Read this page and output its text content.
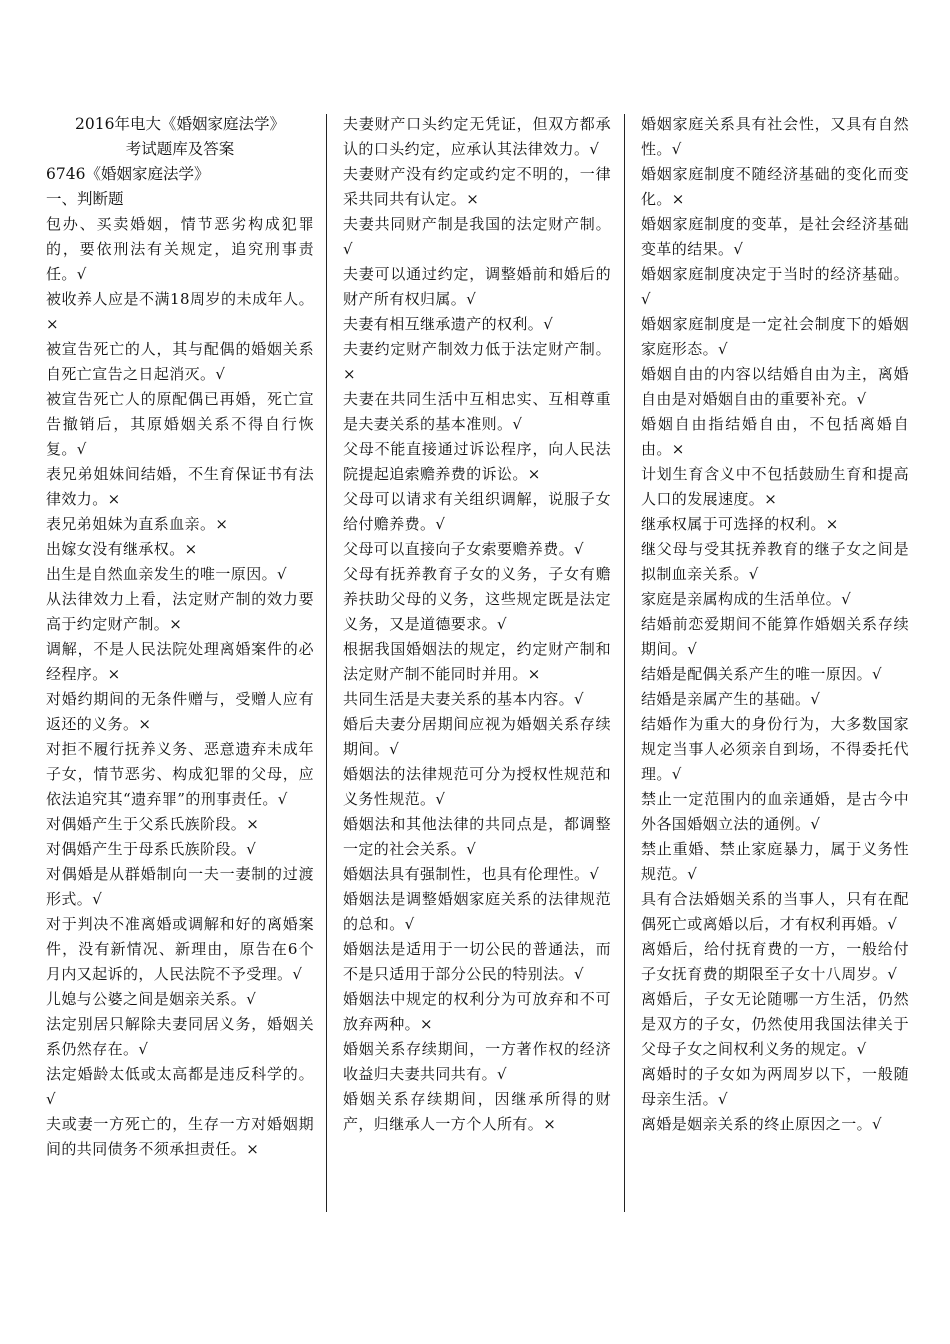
2016年电大《婚姻家庭法学》
考试题库及答案
6746《婚姻家庭法学》
一、判断题
包办、买卖婚姻，情节恶劣构成犯罪的，要依刑法有关规定，追究刑事责任。√
被收养人应是不满18周岁的未成年人。×
被宣告死亡的人，其与配偶的婚姻关系自死亡宣告之日起消灭。√
被宣告死亡人的原配偶已再婚，死亡宣告撤销后，其原婚姻关系不得自行恢复。√
表兄弟姐妹间结婚，不生育保证书有法律效力。×
表兄弟姐妹为直系血亲。×
出嫁女没有继承权。×
出生是自然血亲发生的唯一原因。√
从法律效力上看，法定财产制的效力要高于约定财产制。×
调解，不是人民法院处理离婚案件的必经程序。×
对婚约期间的无条件赠与，受赠人应有返还的义务。×
对拒不履行抚养义务、恶意遗弃未成年子女，情节恶劣、构成犯罪的父母，应依法追究其“遗弃罪”的刑事责任。√
对偶婚产生于父系氏族阶段。×
对偶婚产生于母系氏族阶段。√
对偶婚是从群婚制向一夫一妻制的过渡形式。√
对于判决不准离婚或调解和好的离婚案件，没有新情况、新理由，原告在6个月内又起诉的，人民法院不予受理。√
儿媳与公婆之间是姻亲关系。√
法定别居只解除夫妻同居义务，婚姻关系仍然存在。√
法定婚龄太低或太高都是违反科学的。√
夫或妻一方死亡的，生存一方对婚姻期间的共同债务不须承担责任。×
夫妻财产口头约定无凭证，但双方都承认的口头约定，应承认其法律效力。√
夫妻财产没有约定或约定不明的，一律采共同共有认定。×
夫妻共同财产制是我国的法定财产制。√
夫妻可以通过约定，调整婚前和婚后的财产所有权归属。√
夫妻有相互继承遗产的权利。√
夫妻约定财产制效力低于法定财产制。×
夫妻在共同生活中互相忠实、互相尊重是夫妻关系的基本准则。√
父母不能直接通过诉讼程序，向人民法院提起追索赡养费的诉讼。×
父母可以请求有关组织调解，说服子女给付赡养费。√
父母可以直接向子女索要赡养费。√
父母有抚养教育子女的义务，子女有赡养扶助父母的义务，这些规定既是法定义务，又是道德要求。√
根据我国婚姻法的规定，约定财产制和法定财产制不能同时并用。×
共同生活是夫妻关系的基本内容。√
婚后夫妻分居期间应视为婚姻关系存续期间。√
婚姻法的法律规范可分为授权性规范和义务性规范。√
婚姻法和其他法律的共同点是，都调整一定的社会关系。√
婚姻法具有强制性，也具有伦理性。√
婚姻法是调整婚姻家庭关系的法律规范的总和。√
婚姻法是适用于一切公民的普通法，而不是只适用于部分公民的特别法。√
婚姻法中规定的权利分为可放弃和不可放弃两种。×
婚姻关系存续期间，一方著作权的经济收益归夫妻共同共有。√
婚姻关系存续期间，因继承所得的财产，归继承人一方个人所有。×
婚姻家庭关系具有社会性，又具有自然性。√
婚姻家庭制度不随经济基础的变化而变化。×
婚姻家庭制度的变革，是社会经济基础变革的结果。√
婚姻家庭制度决定于当时的经济基础。√
婚姻家庭制度是一定社会制度下的婚姻家庭形态。√
婚姻自由的内容以结婚自由为主，离婚自由是对婚姻自由的重要补充。√
婚姻自由指结婚自由，不包括离婚自由。×
计划生育含义中不包括鼓励生育和提高人口的发展速度。×
继承权属于可选择的权利。×
继父母与受其抚养教育的继子女之间是拟制血亲关系。√
家庭是亲属构成的生活单位。√
结婚前恋爱期间不能算作婚姻关系存续期间。√
结婚是配偶关系产生的唯一原因。√
结婚是亲属产生的基础。√
结婚作为重大的身份行为，大多数国家规定当事人必须亲自到场，不得委托代理。√
禁止一定范围内的血亲通婚，是古今中外各国婚姻立法的通例。√
禁止重婚、禁止家庭暴力，属于义务性规范。√
具有合法婚姻关系的当事人，只有在配偶死亡或离婚以后，才有权利再婚。√
离婚后，给付抚育费的一方，一般给付子女抚育费的期限至子女十八周岁。√
离婚后，子女无论随哪一方生活，仍然是双方的子女，仍然使用我国法律关于父母子女之间权利义务的规定。√
离婚时的子女如为两周岁以下，一般随母亲生活。√
离婚是姻亲关系的终止原因之一。√
